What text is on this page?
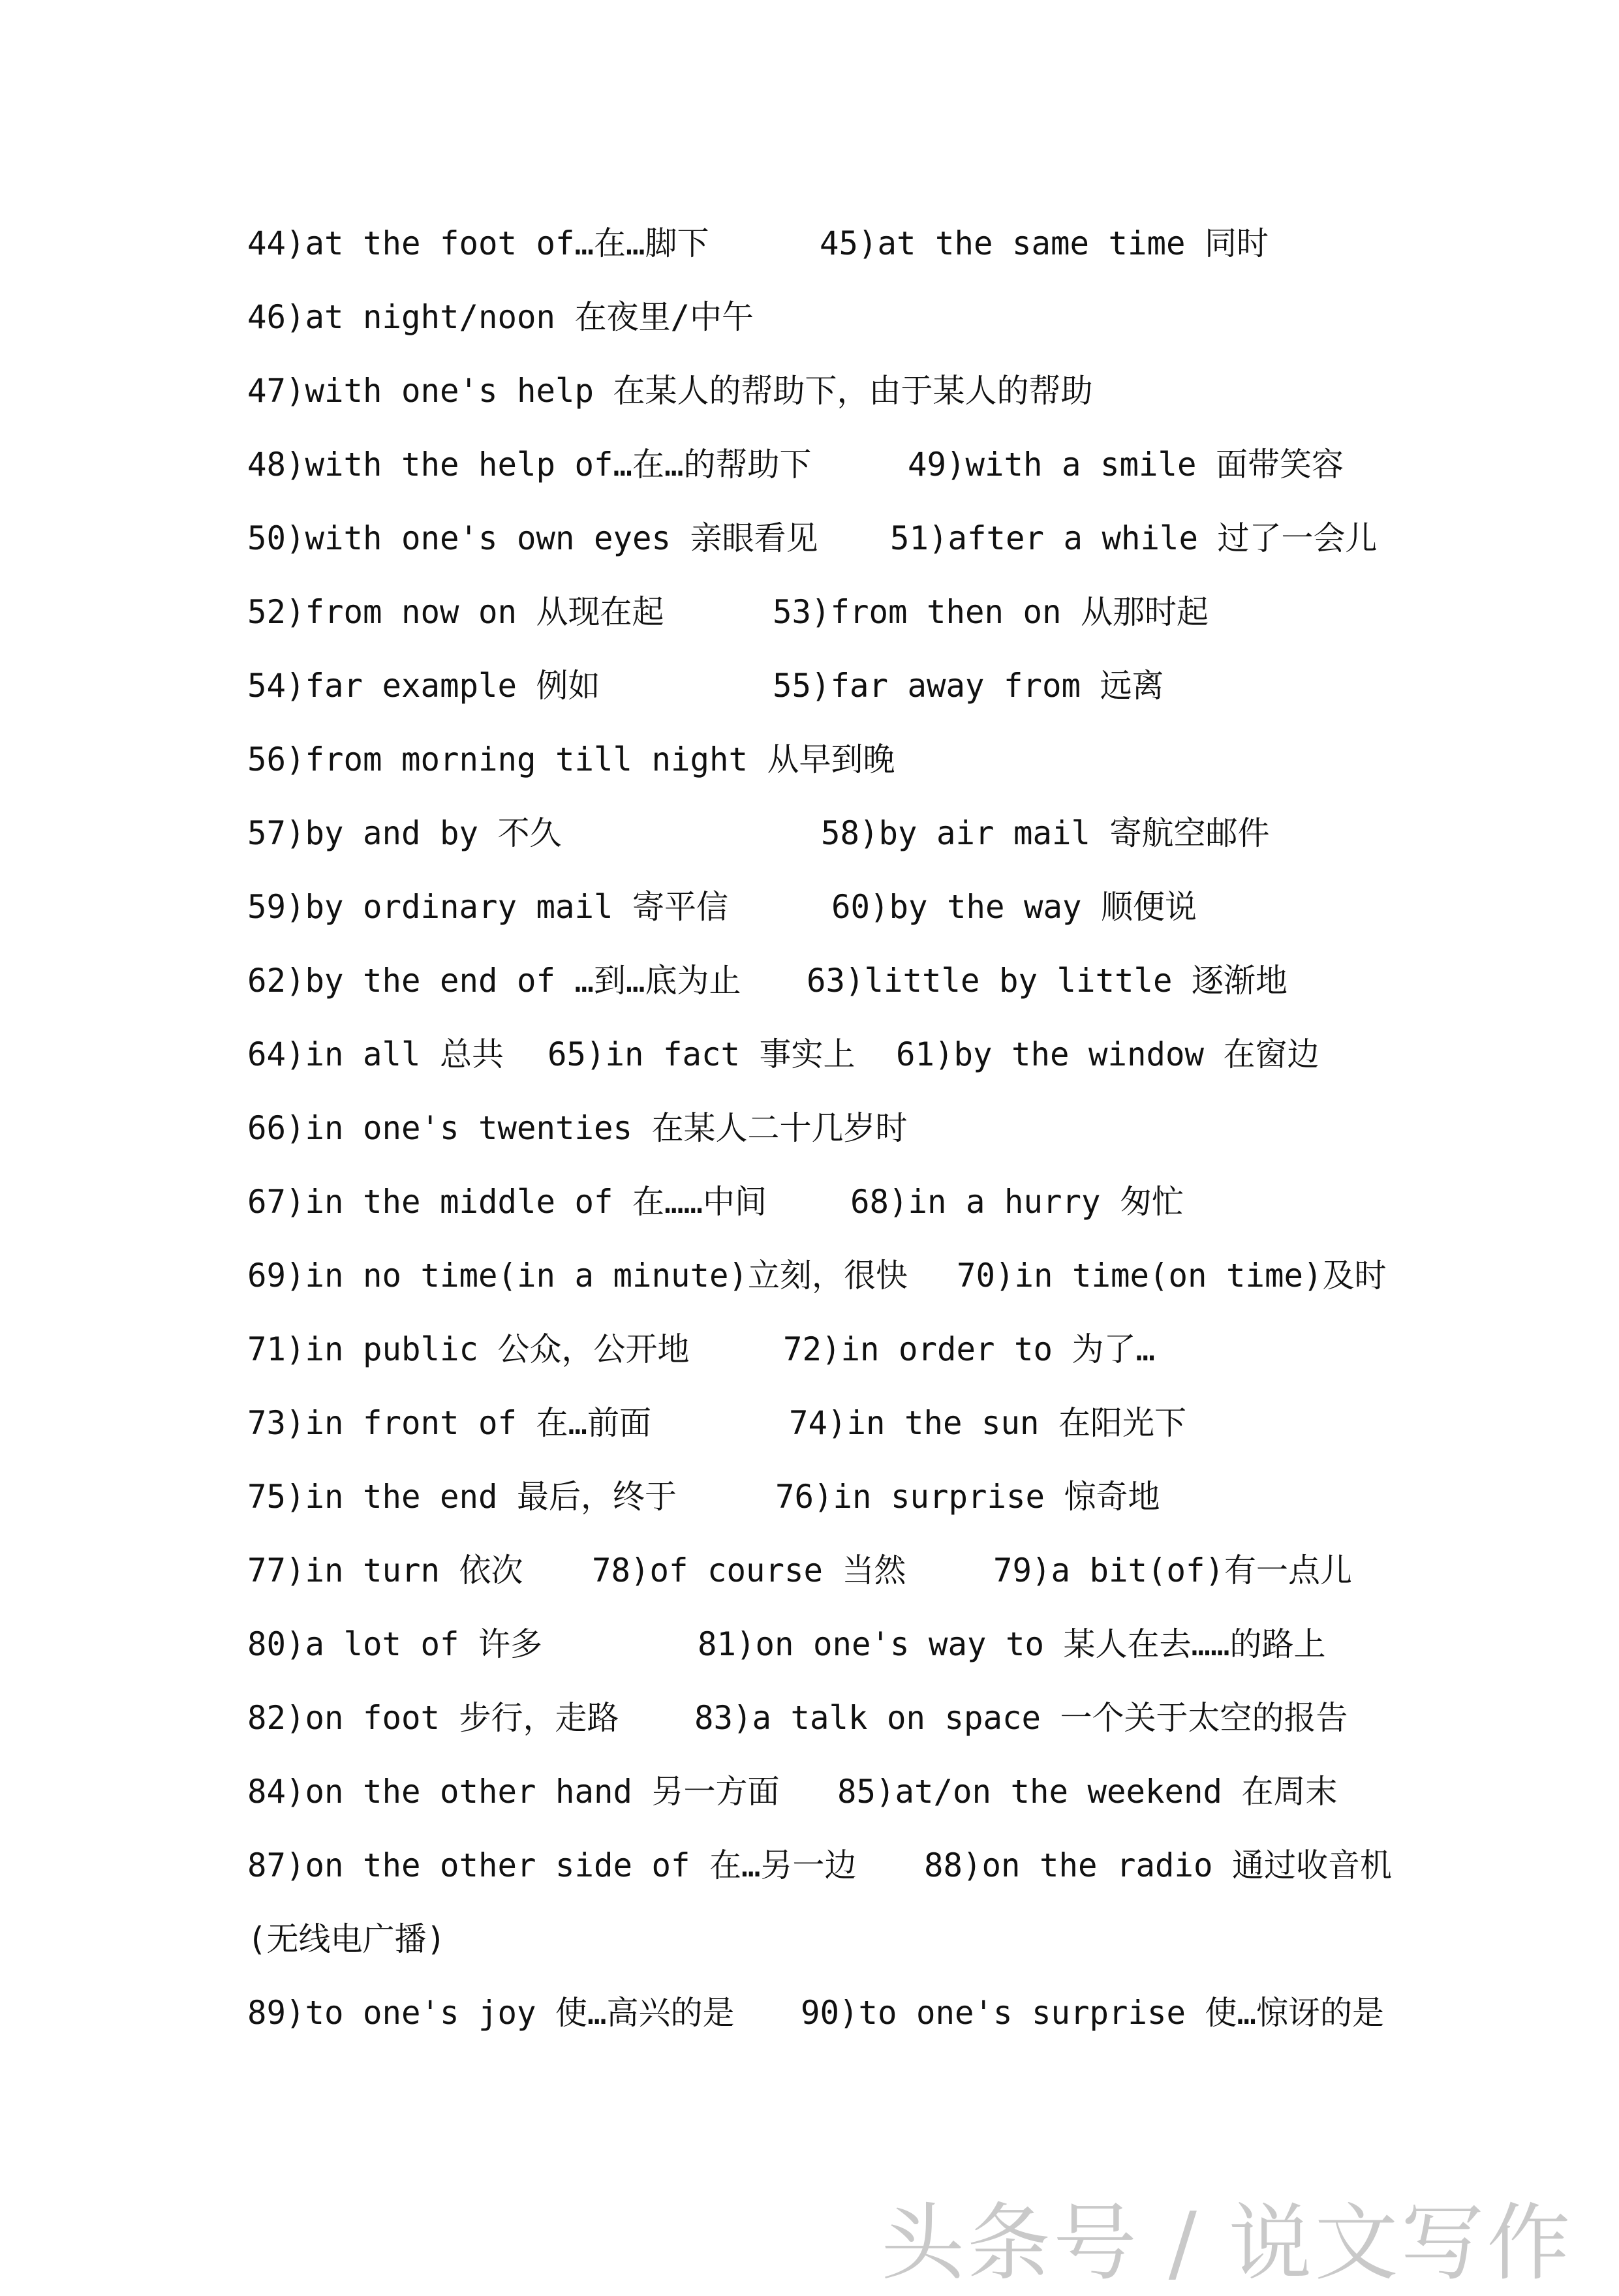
头条号 / 说文写作
44)at the foot of…在…脚下	45)at the same time 同时
46)at night/noon 在夜里/中午
47)with one's help 在某人的帮助下，由于某人的帮助
48)with the help of…在…的帮助下	49)with a smile 面带笑容
50)with one's own eyes 亲眼看见 51)after a while 过了一会儿
52)from now on 从现在起	53)from then on 从那时起
54)far example 例如	55)far away from 远离
56)from morning till night 从早到晚
57)by and by 不久	58)by air mail 寄航空邮件
59)by ordinary mail 寄平信	60)by the way 顺便说
62)by the end of …到…底为止 63)little by little 逐渐地
64)in all 总共 65)in fact 事实上 61)by the window 在窗边
66)in one's twenties 在某人二十几岁时
67)in the middle of 在……中间	68)in a hurry 匆忙
69)in no time(in a minute)立刻，很快 70)in time(on time)及时
71)in public 公众，公开地	72)in order to 为了…
73)in front of 在…前面	74)in the sun 在阳光下
75)in the end 最后，终于	76)in surprise 惊奇地
77)in turn 依次 78)of course 当然	79)a bit(of)有一点儿
80)a lot of 许多	81)on one's way to 某人在去……的路上
82)on foot 步行，走路 83)a talk on space 一个关于太空的报告
84)on the other hand 另一方面 85)at/on the weekend 在周末
87)on the other side of 在…另一边 88)on the radio 通过收音机
(无线电广播)
89)to one's joy 使…高兴的是 90)to one's surprise 使…惊讶的是
